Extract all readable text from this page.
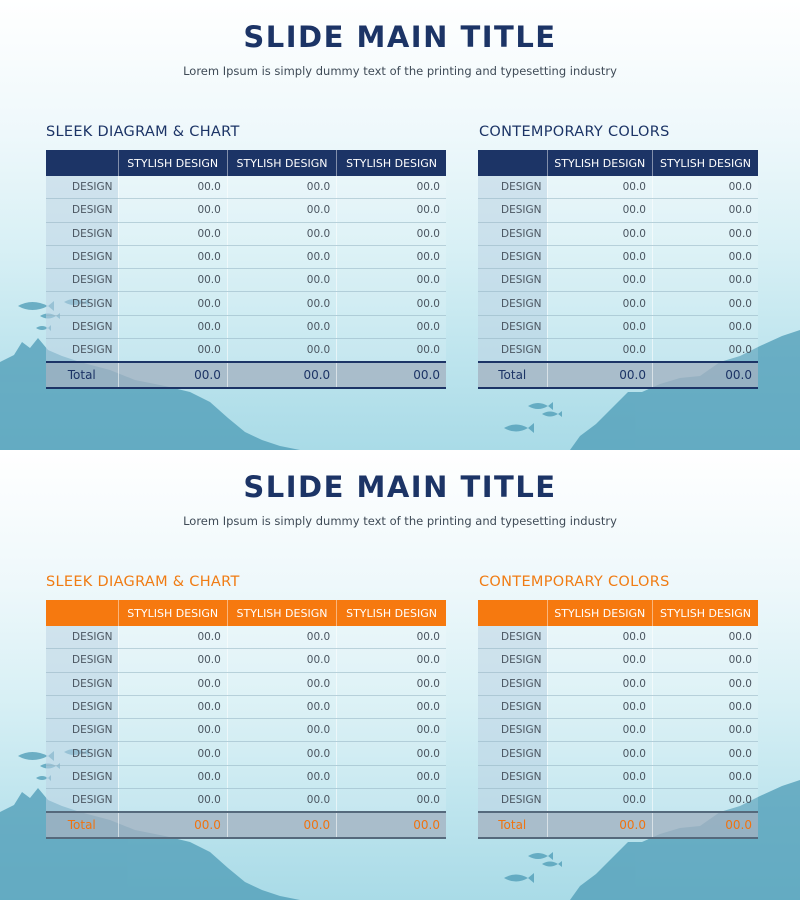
SLIDE MAIN TITLE
Lorem Ipsum is simply dummy text of the printing and typesetting industry
SLEEK DIAGRAM & CHART	CONTEMPORARY COLORS
	STYLISH DESIGN	STYLISH DESIGN	STYLISH DESIGN
DESIGN	00.0	00.0	00.0
DESIGN	00.0	00.0	00.0
DESIGN	00.0	00.0	00.0
DESIGN	00.0	00.0	00.0
DESIGN	00.0	00.0	00.0
DESIGN	00.0	00.0	00.0
DESIGN	00.0	00.0	00.0
DESIGN	00.0	00.0	00.0
Total	00.0	00.0	00.0
	STYLISH DESIGN	STYLISH DESIGN
DESIGN	00.0	00.0
DESIGN	00.0	00.0
DESIGN	00.0	00.0
DESIGN	00.0	00.0
DESIGN	00.0	00.0
DESIGN	00.0	00.0
DESIGN	00.0	00.0
DESIGN	00.0	00.0
Total	00.0	00.0
SLIDE MAIN TITLE
Lorem Ipsum is simply dummy text of the printing and typesetting industry
SLEEK DIAGRAM & CHART	CONTEMPORARY COLORS
	STYLISH DESIGN	STYLISH DESIGN	STYLISH DESIGN
DESIGN	00.0	00.0	00.0
DESIGN	00.0	00.0	00.0
DESIGN	00.0	00.0	00.0
DESIGN	00.0	00.0	00.0
DESIGN	00.0	00.0	00.0
DESIGN	00.0	00.0	00.0
DESIGN	00.0	00.0	00.0
DESIGN	00.0	00.0	00.0
Total	00.0	00.0	00.0
	STYLISH DESIGN	STYLISH DESIGN
DESIGN	00.0	00.0
DESIGN	00.0	00.0
DESIGN	00.0	00.0
DESIGN	00.0	00.0
DESIGN	00.0	00.0
DESIGN	00.0	00.0
DESIGN	00.0	00.0
DESIGN	00.0	00.0
Total	00.0	00.0
